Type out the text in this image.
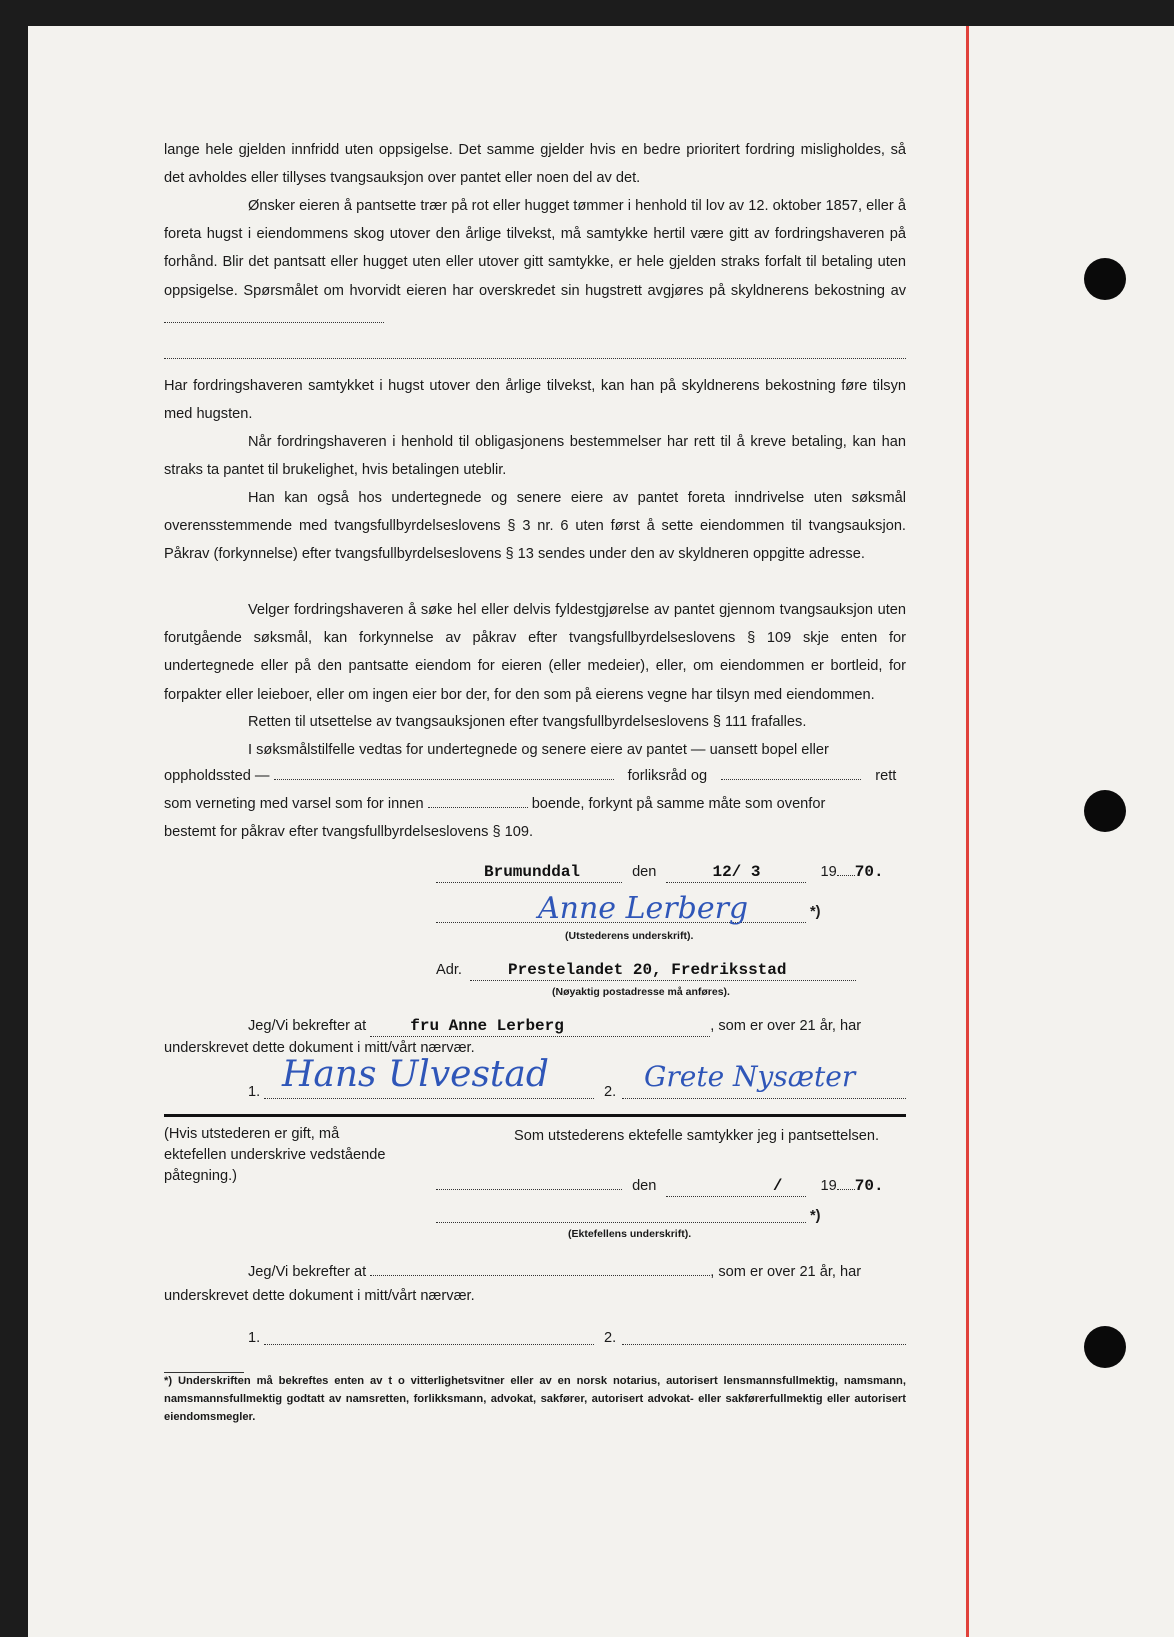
lange hele gjelden innfridd uten oppsigelse. Det samme gjelder hvis en bedre prioritert fordring misligholdes, så det avholdes eller tillyses tvangsauksjon over pantet eller noen del av det.

Ønsker eieren å pantsette trær på rot eller hugget tømmer i henhold til lov av 12. oktober 1857, eller å foreta hugst i eiendommens skog utover den årlige tilvekst, må samtykke hertil være gitt av fordringshaveren på forhånd. Blir det pantsatt eller hugget uten eller utover gitt samtykke, er hele gjelden straks forfalt til betaling uten oppsigelse. Spørsmålet om hvorvidt eieren har overskredet sin hugstrett avgjøres på skyldnerens bekostning av

Har fordringshaveren samtykket i hugst utover den årlige tilvekst, kan han på skyldnerens bekostning føre tilsyn med hugsten.

Når fordringshaveren i henhold til obligasjonens bestemmelser har rett til å kreve betaling, kan han straks ta pantet til brukelighet, hvis betalingen uteblir.

Han kan også hos undertegnede og senere eiere av pantet foreta inndrivelse uten søksmål overensstemmende med tvangsfullbyrdelseslovens § 3 nr. 6 uten først å sette eiendommen til tvangsauksjon. Påkrav (forkynnelse) efter tvangsfullbyrdelseslovens § 13 sendes under den av skyldneren oppgitte adresse.

Velger fordringshaveren å søke hel eller delvis fyldestgjørelse av pantet gjennom tvangsauksjon uten forutgående søksmål, kan forkynnelse av påkrav efter tvangsfullbyrdelseslovens § 109 skje enten for undertegnede eller på den pantsatte eiendom for eieren (eller medeier), eller, om eiendommen er bortleid, for forpakter eller leieboer, eller om ingen eier bor der, for den som på eierens vegne har tilsyn med eiendommen.

Retten til utsettelse av tvangsauksjonen efter tvangsfullbyrdelseslovens § 111 frafalles.

I søksmålstilfelle vedtas for undertegnede og senere eiere av pantet — uansett bopel eller

oppholdssted —	forliksråd og	rett
som verneting med varsel som for innen	boende, forkynt på samme måte som ovenfor
bestemt for påkrav efter tvangsfullbyrdelseslovens § 109.
Brumunddal	den	12/ 3	19 70.
Anne Lerberg	*)
(Utstederens underskrift).
Adr.	Prestelandet 20, Fredriksstad
(Nøyaktig postadresse må anføres).
Jeg/Vi bekrefter at	fru Anne Lerberg	, som er over 21 år, har
underskrevet dette dokument i mitt/vårt nærvær.
1. Hans Ulvestad	2. Grete Nysæter
(Hvis utstederen er gift, må ektefellen underskrive vedstående påtegning.)
Som utstederens ektefelle samtykker jeg i pantsettelsen.
den	/	19 70.
*)
(Ektefellens underskrift).
Jeg/Vi bekrefter at	, som er over 21 år, har
underskrevet dette dokument i mitt/vårt nærvær.
1.	2.
*) Underskriften må bekreftes enten av t o vitterlighetsvitner eller av en norsk notarius, autorisert lensmannsfullmektig, namsmann, namsmannsfullmektig godtatt av namsretten, forlikksmann, advokat, sakfører, autorisert advokat- eller sakførerfullmektig eller autorisert eiendomsmegler.
